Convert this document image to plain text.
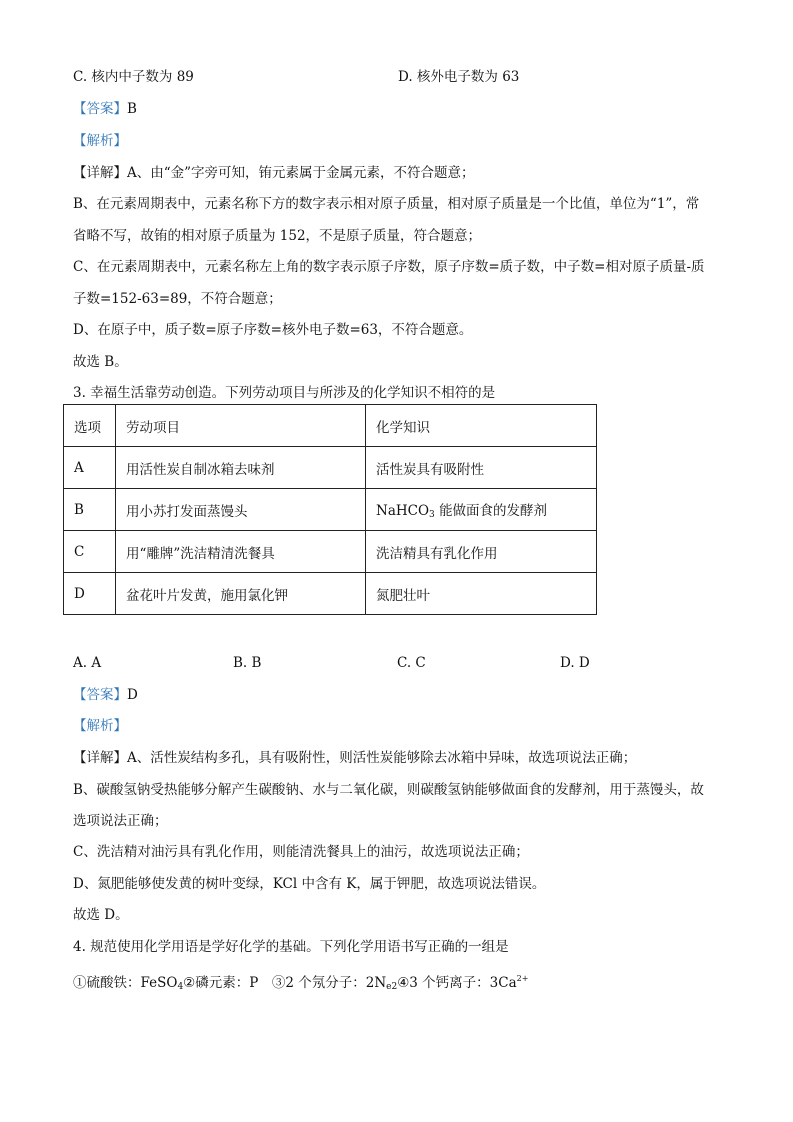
C. 核内中子数为 89	D. 核外电子数为 63
【答案】B
【解析】
【详解】A、由“金”字旁可知，铕元素属于金属元素，不符合题意；
B、在元素周期表中，元素名称下方的数字表示相对原子质量，相对原子质量是一个比值，单位为“1”，常
省略不写，故铕的相对原子质量为 152，不是原子质量，符合题意；
C、在元素周期表中，元素名称左上角的数字表示原子序数，原子序数=质子数，中子数=相对原子质量-质
子数=152-63=89，不符合题意；
D、在原子中，质子数=原子序数=核外电子数=63，不符合题意。
故选 B。
3. 幸福生活靠劳动创造。下列劳动项目与所涉及的化学知识不相符的是
选项	劳动项目	化学知识
A	用活性炭自制冰箱去味剂	活性炭具有吸附性
B	用小苏打发面蒸馒头	NaHCO$_3$ 能做面食的发酵剂
C	用“雕牌”洗洁精清洗餐具	洗洁精具有乳化作用
D	盆花叶片发黄，施用氯化钾	氮肥壮叶
A. A	B. B	C. C	D. D
【答案】D
【解析】
【详解】A、活性炭结构多孔，具有吸附性，则活性炭能够除去冰箱中异味，故选项说法正确；
B、碳酸氢钠受热能够分解产生碳酸钠、水与二氧化碳，则碳酸氢钠能够做面食的发酵剂，用于蒸馒头，故
选项说法正确；
C、洗洁精对油污具有乳化作用，则能清洗餐具上的油污，故选项说法正确；
D、氮肥能够使发黄的树叶变绿，KCl 中含有 K，属于钾肥，故选项说法错误。
故选 D。
4. 规范使用化学用语是学好化学的基础。下列化学用语书写正确的一组是
①硫酸铁：FeSO$_4$②磷元素：P　③2 个氖分子：$2N_{e2}④3$ 个钙离子：$3Ca^{2+}$
